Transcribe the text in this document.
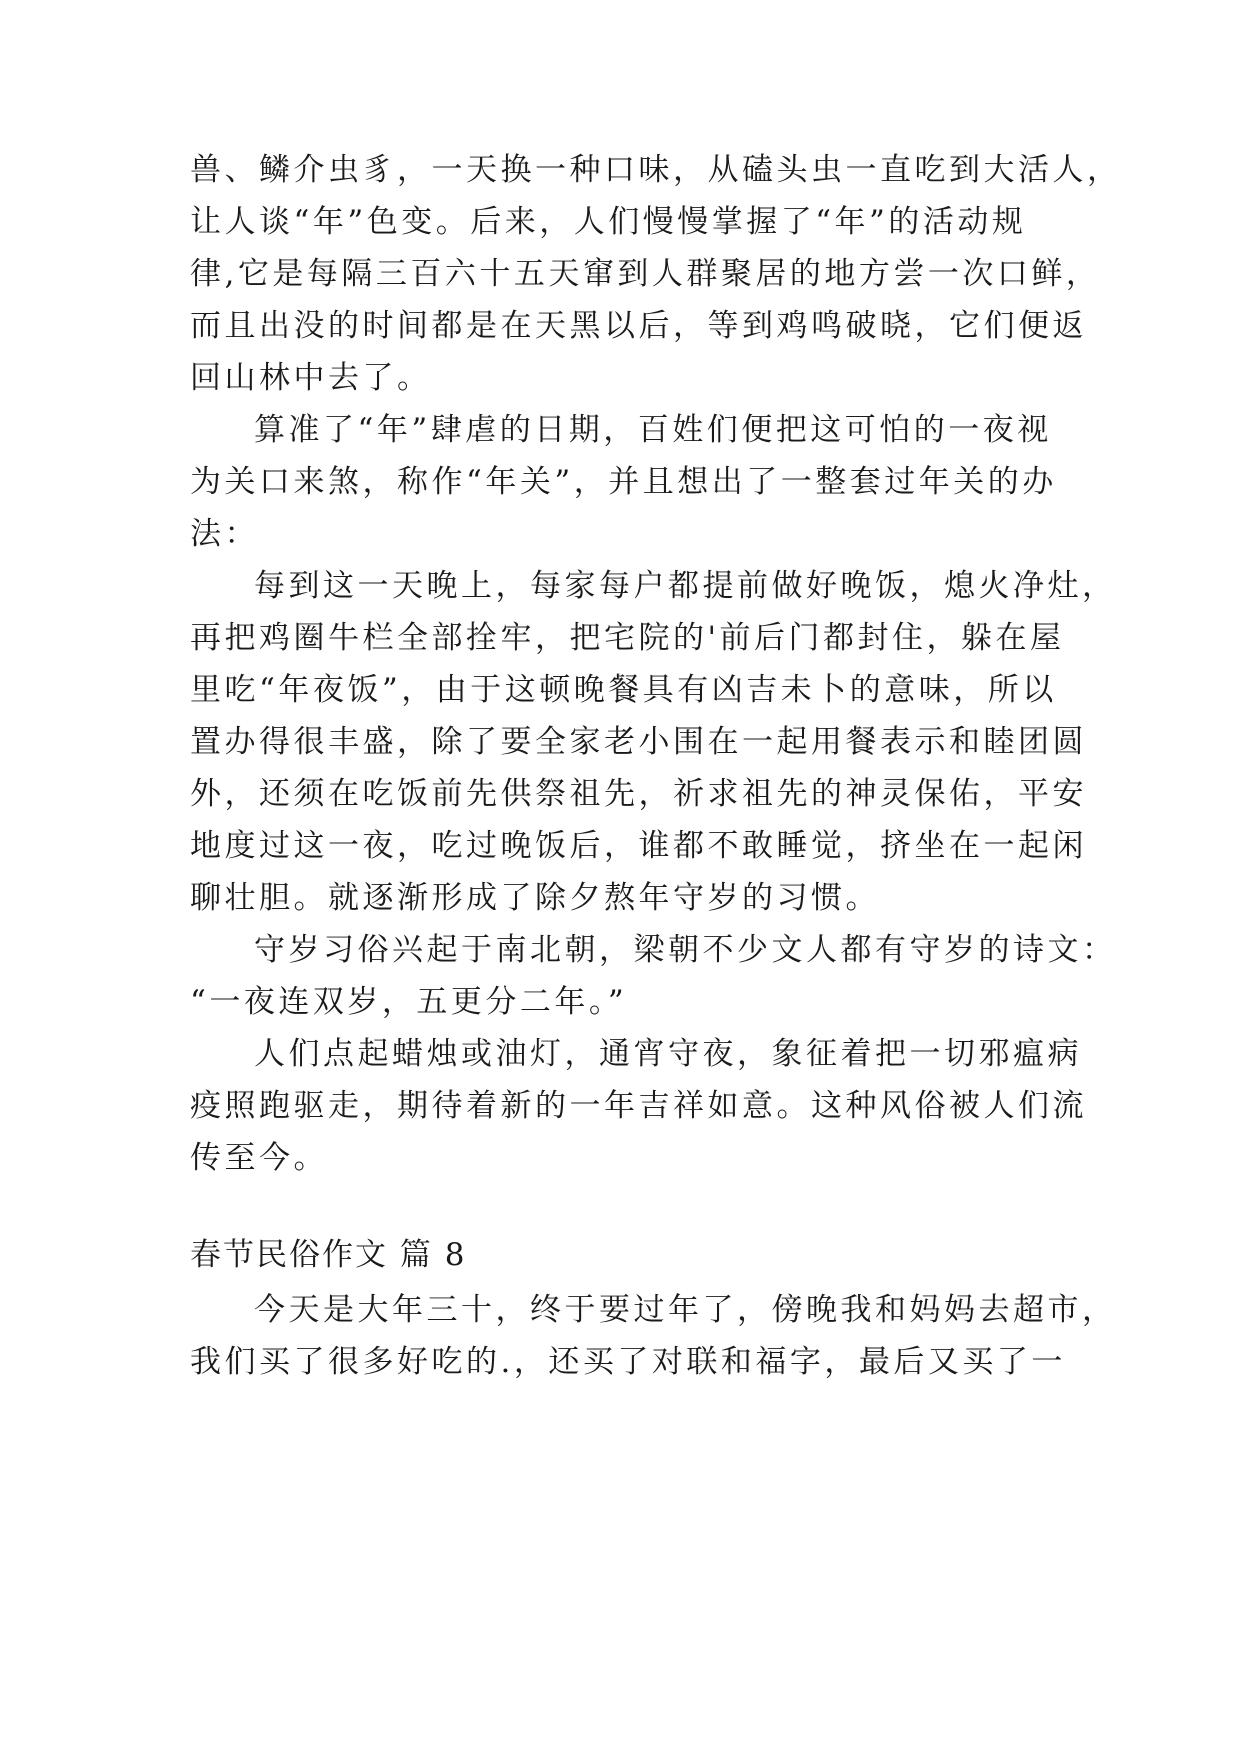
兽、鳞介虫豸，一天换一种口味，从磕头虫一直吃到大活人，
让人谈“年”色变。后来，人们慢慢掌握了“年”的活动规
律,它是每隔三百六十五天窜到人群聚居的地方尝一次口鲜，
而且出没的时间都是在天黑以后，等到鸡鸣破晓，它们便返
回山林中去了。
算准了“年”肆虐的日期，百姓们便把这可怕的一夜视
为关口来煞，称作“年关”，并且想出了一整套过年关的办
法：
每到这一天晚上，每家每户都提前做好晚饭，熄火净灶，
再把鸡圈牛栏全部拴牢，把宅院的'前后门都封住，躲在屋
里吃“年夜饭”，由于这顿晚餐具有凶吉未卜的意味，所以
置办得很丰盛，除了要全家老小围在一起用餐表示和睦团圆
外，还须在吃饭前先供祭祖先，祈求祖先的神灵保佑，平安
地度过这一夜，吃过晚饭后，谁都不敢睡觉，挤坐在一起闲
聊壮胆。就逐渐形成了除夕熬年守岁的习惯。
守岁习俗兴起于南北朝，梁朝不少文人都有守岁的诗文：
“一夜连双岁，五更分二年。”
人们点起蜡烛或油灯，通宵守夜，象征着把一切邪瘟病
疫照跑驱走，期待着新的一年吉祥如意。这种风俗被人们流
传至今。
春节民俗作文 篇 8
今天是大年三十，终于要过年了，傍晚我和妈妈去超市，
我们买了很多好吃的.，还买了对联和福字，最后又买了一
